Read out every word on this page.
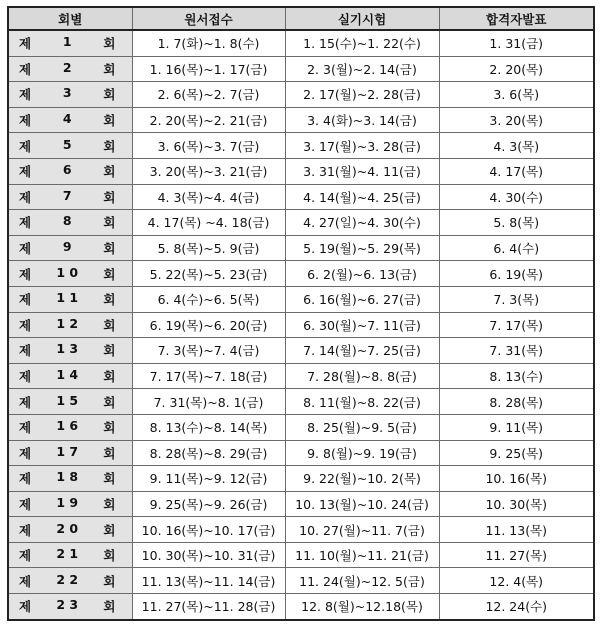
회별	원서접수	실기시험	합격자발표

제 1 회	1. 7(화)~1. 8(수)	1. 15(수)~1. 22(수)	1. 31(금)

제 2 회	1. 16(목)~1. 17(금)	2. 3(월)~2. 14(금)	2. 20(목)

제 3 회	2. 6(목)~2. 7(금)	2. 17(월)~2. 28(금)	3. 6(목)

제 4 회	2. 20(목)~2. 21(금)	3. 4(화)~3. 14(금)	3. 20(목)

제 5 회	3. 6(목)~3. 7(금)	3. 17(월)~3. 28(금)	4. 3(목)

제 6 회	3. 20(목)~3. 21(금)	3. 31(월)~4. 11(금)	4. 17(목)

제 7 회	4. 3(목)~4. 4(금)	4. 14(월)~4. 25(금)	4. 30(수)

제 8 회	4. 17(목) ~4. 18(금)	4. 27(일)~4. 30(수)	5. 8(목)

제 9 회	5. 8(목)~5. 9(금)	5. 19(월)~5. 29(목)	6. 4(수)

제 1 0 회	5. 22(목)~5. 23(금)	6. 2(월)~6. 13(금)	6. 19(목)

제 1 1 회	6. 4(수)~6. 5(목)	6. 16(월)~6. 27(금)	7. 3(목)

제 1 2 회	6. 19(목)~6. 20(금)	6. 30(월)~7. 11(금)	7. 17(목)

제 1 3 회	7. 3(목)~7. 4(금)	7. 14(월)~7. 25(금)	7. 31(목)

제 1 4 회	7. 17(목)~7. 18(금)	7. 28(월)~8. 8(금)	8. 13(수)

제 1 5 회	7. 31(목)~8. 1(금)	8. 11(월)~8. 22(금)	8. 28(목)

제 1 6 회	8. 13(수)~8. 14(목)	8. 25(월)~9. 5(금)	9. 11(목)

제 1 7 회	8. 28(목)~8. 29(금)	9. 8(월)~9. 19(금)	9. 25(목)

제 1 8 회	9. 11(목)~9. 12(금)	9. 22(월)~10. 2(목)	10. 16(목)

제 1 9 회	9. 25(목)~9. 26(금)	10. 13(월)~10. 24(금)	10. 30(목)

제 2 0 회	10. 16(목)~10. 17(금)	10. 27(월)~11. 7(금)	11. 13(목)

제 2 1 회	10. 30(목)~10. 31(금)	11. 10(월)~11. 21(금)	11. 27(목)

제 2 2 회	11. 13(목)~11. 14(금)	11. 24(월)~12. 5(금)	12. 4(목)

제 2 3 회	11. 27(목)~11. 28(금)	12. 8(월)~12.18(목)	12. 24(수)
